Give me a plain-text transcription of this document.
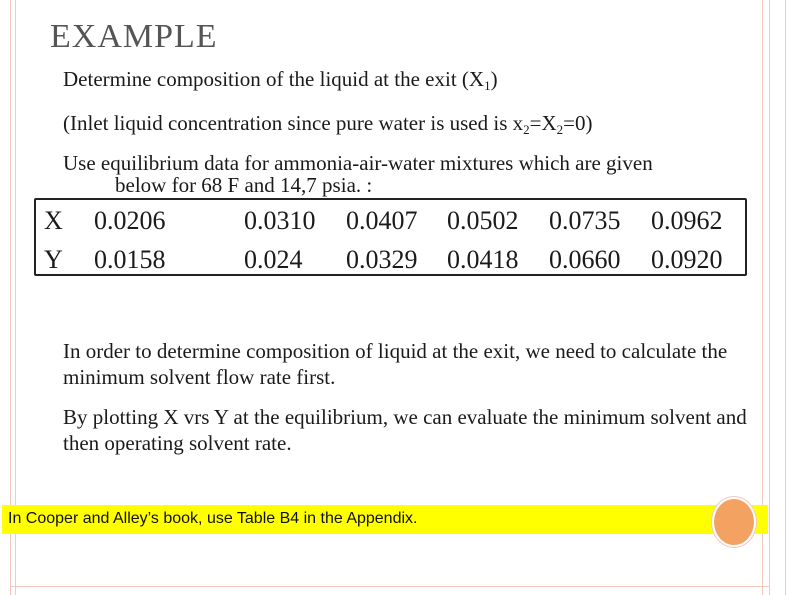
EXAMPLE
Determine composition of the liquid at the exit $(X_1)$
(Inlet liquid concentration since pure water is used is $x_2=X_2=0$)
Use equilibrium data for ammonia-air-water mixtures which are given
below for 68 F and 14,7 psia. :
X 0.0206	0.0310 0.0407 0.0502 0.0735 0.0962
Y 0.0158	0.024 0.0329 0.0418 0.0660 0.0920
In order to determine composition of liquid at the exit, we need to calculate the minimum solvent flow rate first.
By plotting X vrs Y at the equilibrium, we can evaluate the minimum solvent and then operating solvent rate.
In Cooper and Alley’s book, use Table B4 in the Appendix.
